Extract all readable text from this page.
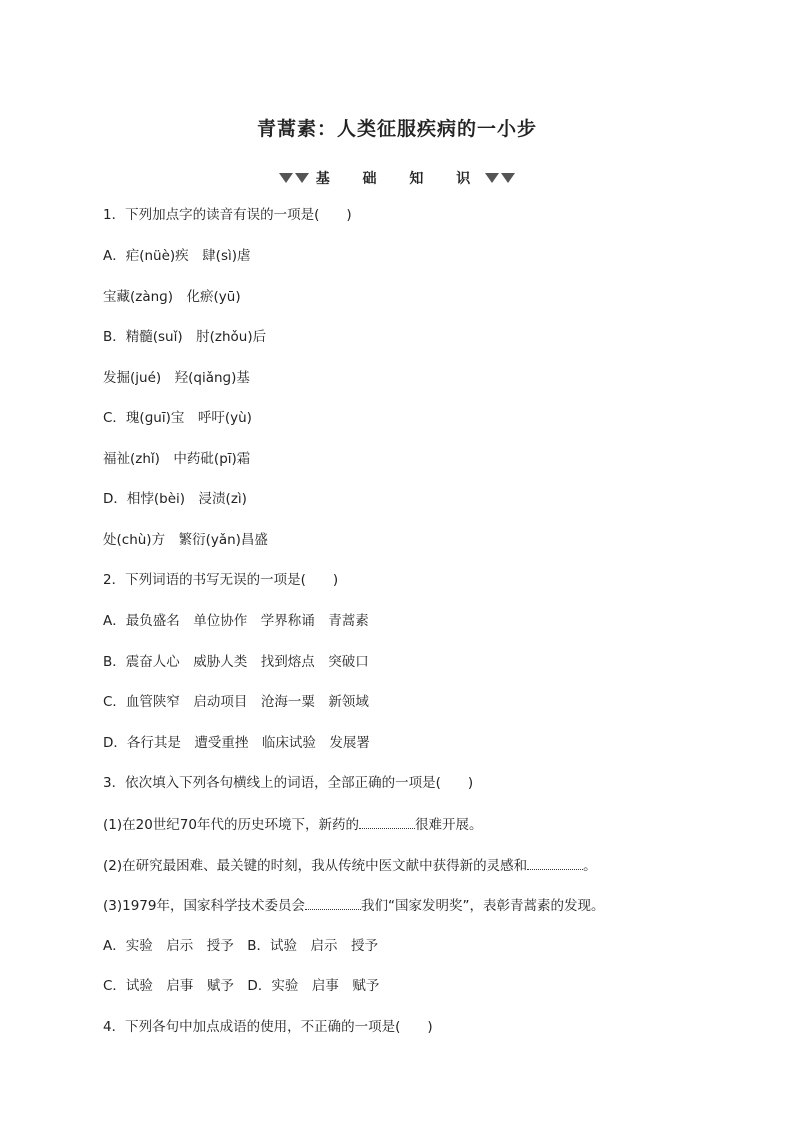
青蒿素：人类征服疾病的一小步
基 础 知 识
1．下列加点字的读音有误的一项是(　　)
A．疟(nüè)疾　肆(sì)虐
宝藏(zànɡ)　化瘀(yū)
B．精髓(suǐ)　肘(zhǒu)后
发掘(jué)　羟(qiǎnɡ)基
C．瑰(ɡuī)宝　呼吁(yù)
福祉(zhǐ)　中药砒(pī)霜
D．相悖(bèi)　浸渍(zì)
处(chù)方　繁衍(yǎn)昌盛
2．下列词语的书写无误的一项是(　　)
A．最负盛名　单位协作　学界称诵　青蒿素
B．震奋人心　威胁人类　找到熔点　突破口
C．血管陕窄　启动项目　沧海一粟　新领域
D．各行其是　遭受重挫　临床试验　发展署
3．依次填入下列各句横线上的词语，全部正确的一项是(　　)
(1)在20世纪70年代的历史环境下，新药的	很难开展。
(2)在研究最困难、最关键的时刻，我从传统中医文献中获得新的灵感和	。
(3)1979年，国家科学技术委员会	我们“国家发明奖”，表彰青蒿素的发现。
A．实验　启示　授予　B．试验　启示　授予
C．试验　启事　赋予　D．实验　启事　赋予
4．下列各句中加点成语的使用，不正确的一项是(　　)
